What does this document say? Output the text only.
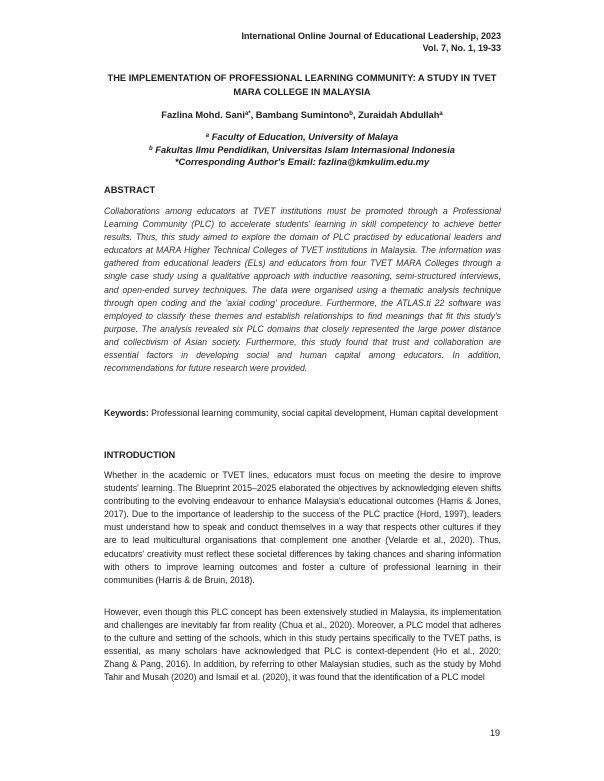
International Online Journal of Educational Leadership, 2023
Vol. 7, No. 1, 19-33
THE IMPLEMENTATION OF PROFESSIONAL LEARNING COMMUNITY: A STUDY IN TVET MARA COLLEGE IN MALAYSIA
Fazlina Mohd. Sani$^{a*}$, Bambang Sumintono$^b$, Zuraidah Abdullah$^a$
$^a$ Faculty of Education, University of Malaya
$^b$ Fakultas Ilmu Pendidikan, Universitas Islam Internasional Indonesia
*Corresponding Author's Email: fazlina@kmkulim.edu.my
ABSTRACT

Collaborations among educators at TVET institutions must be promoted through a Professional Learning Community (PLC) to accelerate students' learning in skill competency to achieve better results. Thus, this study aimed to explore the domain of PLC practised by educational leaders and educators at MARA Higher Technical Colleges of TVET institutions in Malaysia. The information was gathered from educational leaders (ELs) and educators from four TVET MARA Colleges through a single case study using a qualitative approach with inductive reasoning, semi-structured interviews, and open-ended survey techniques. The data were organised using a thematic analysis technique through open coding and the 'axial coding' procedure. Furthermore, the ATLAS.ti 22 software was employed to classify these themes and establish relationships to find meanings that fit this study's purpose. The analysis revealed six PLC domains that closely represented the large power distance and collectivism of Asian society. Furthermore, this study found that trust and collaboration are essential factors in developing social and human capital among educators. In addition, recommendations for future research were provided.

Keywords: Professional learning community, social capital development, Human capital development

INTRODUCTION

Whether in the academic or TVET lines, educators must focus on meeting the desire to improve students' learning. The Blueprint 2015–2025 elaborated the objectives by acknowledging eleven shifts contributing to the evolving endeavour to enhance Malaysia's educational outcomes (Harris & Jones, 2017). Due to the importance of leadership to the success of the PLC practice (Hord, 1997), leaders must understand how to speak and conduct themselves in a way that respects other cultures if they are to lead multicultural organisations that complement one another (Velarde et al., 2020). Thus, educators' creativity must reflect these societal differences by taking chances and sharing information with others to improve learning outcomes and foster a culture of professional learning in their communities (Harris & de Bruin, 2018).

However, even though this PLC concept has been extensively studied in Malaysia, its implementation and challenges are inevitably far from reality (Chua et al., 2020). Moreover, a PLC model that adheres to the culture and setting of the schools, which in this study pertains specifically to the TVET paths, is essential, as many scholars have acknowledged that PLC is context-dependent (Ho et al., 2020; Zhang & Pang, 2016). In addition, by referring to other Malaysian studies, such as the study by Mohd Tahir and Musah (2020) and Ismail et al. (2020), it was found that the identification of a PLC model

19
